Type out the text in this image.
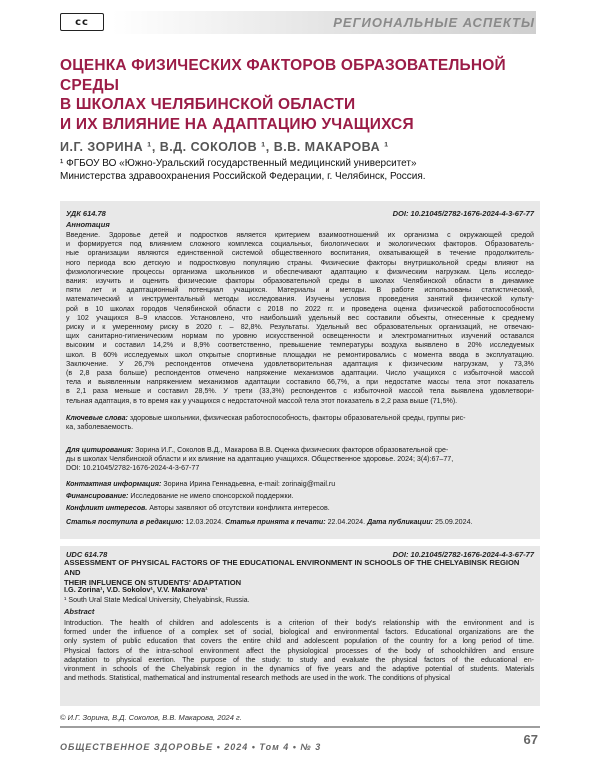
cc	РЕГИОНАЛЬНЫЕ АСПЕКТЫ
ОЦЕНКА ФИЗИЧЕСКИХ ФАКТОРОВ ОБРАЗОВАТЕЛЬНОЙ СРЕДЫ
В ШКОЛАХ ЧЕЛЯБИНСКОЙ ОБЛАСТИ
И ИХ ВЛИЯНИЕ НА АДАПТАЦИЮ УЧАЩИХСЯ
И.Г. ЗОРИНА ¹, В.Д. СОКОЛОВ ¹, В.В. МАКАРОВА ¹
¹ ФГБОУ ВО «Южно-Уральский государственный медицинский университет»
Министерства здравоохранения Российской Федерации, г. Челябинск, Россия.
УДК 614.78	DOI: 10.21045/2782-1676-2024-4-3-67-77
Аннотация
Введение. Здоровье детей и подростков является критерием взаимоотношений их организма с окружающей средой
и формируется под влиянием сложного комплекса социальных, биологических и экологических факторов. Образователь-
ные организации являются единственной системой общественного воспитания, охватывающей в течение продолжитель-
ного периода всю детскую и подростковую популяцию страны. Физические факторы внутришкольной среды влияют на
физиологические процессы организма школьников и обеспечивают адаптацию к физическим нагрузкам. Цель исследо-
вания: изучить и оценить физические факторы образовательной среды в школах Челябинской области в динамике
пяти лет и адаптационный потенциал учащихся. Материалы и методы. В работе использованы статистический,
математический и инструментальный методы исследования. Изучены условия проведения занятий физической культу-
рой в 10 школах городов Челябинской области с 2018 по 2022 гг. и проведена оценка физической работоспособности
у 102 учащихся 8–9 классов. Установлено, что наибольший удельный вес составили объекты, отнесенные к среднему
риску и к умеренному риску в 2020 г. – 82,8%. Результаты. Удельный вес образовательных организаций, не отвечаю-
щих санитарно-гигиеническим нормам по уровню искусственной освещенности и электромагнитных изучений оставался
высоким и составил 14,2% и 8,9% соответственно, превышение температуры воздуха выявлено в 20% исследуемых
школ. В 60% исследуемых школ открытые спортивные площадки не ремонтировались с момента ввода в эксплуатацию.
Заключение. У 26,7% респондентов отмечена удовлетворительная адаптация к физическим нагрузкам, у 73,3%
(в 2,8 раза больше) респондентов отмечено напряжение механизмов адаптации. Число учащихся с избыточной массой
тела и выявленным напряжением механизмов адаптации составило 66,7%, а при недостатке массы тела этот показатель
в 2,1 раза меньше и составил 28,5%. У трети (33,3%) респондентов с избыточной массой тела выявлена удовлетвори-
тельная адаптация, в то время как у учащихся с недостаточной массой тела этот показатель в 2,2 раза выше (71,5%).
Ключевые слова: здоровые школьники, физическая работоспособность, факторы образовательной среды, группы рис-
ка, заболеваемость.
Для цитирования: Зорина И.Г., Соколов В.Д., Макарова В.В. Оценка физических факторов образовательной сре-
ды в школах Челябинской области и их влияние на адаптацию учащихся. Общественное здоровье. 2024; 3(4):67–77,
DOI: 10.21045/2782-1676-2024-4-3-67-77
Контактная информация: Зорина Ирина Геннадьевна, e-mail: zorinaig@mail.ru
Финансирование: Исследование не имело спонсорской поддержки.
Конфликт интересов. Авторы заявляют об отсутствии конфликта интересов.
Статья поступила в редакцию: 12.03.2024. Статья принята к печати: 22.04.2024. Дата публикации: 25.09.2024.
UDC 614.78	DOI: 10.21045/2782-1676-2024-4-3-67-77
ASSESSMENT OF PHYSICAL FACTORS OF THE EDUCATIONAL ENVIRONMENT IN SCHOOLS OF THE CHELYABINSK REGION AND
THEIR INFLUENCE ON STUDENTS' ADAPTATION
I.G. Zorina¹, V.D. Sokolov¹, V.V. Makarova¹
¹ South Ural State Medical University, Chelyabinsk, Russia.
Abstract
Introduction. The health of children and adolescents is a criterion of their body's relationship with the environment and is
formed under the influence of a complex set of social, biological and environmental factors. Educational organizations are the
only system of public education that covers the entire child and adolescent population of the country for a long period of time.
Physical factors of the intra-school environment affect the physiological processes of the body of schoolchildren and ensure
adaptation to physical exertion. The purpose of the study: to study and evaluate the physical factors of the educational en-
vironment in schools of the Chelyabinsk region in the dynamics of five years and the adaptive potential of students. Materials
and methods. Statistical, mathematical and instrumental research methods are used in the work. The conditions of physical
© И.Г. Зорина, В.Д. Соколов, В.В. Макарова, 2024 г.
ОБЩЕСТВЕННОЕ ЗДОРОВЬЕ • 2024 • Том 4 • № 3	67
